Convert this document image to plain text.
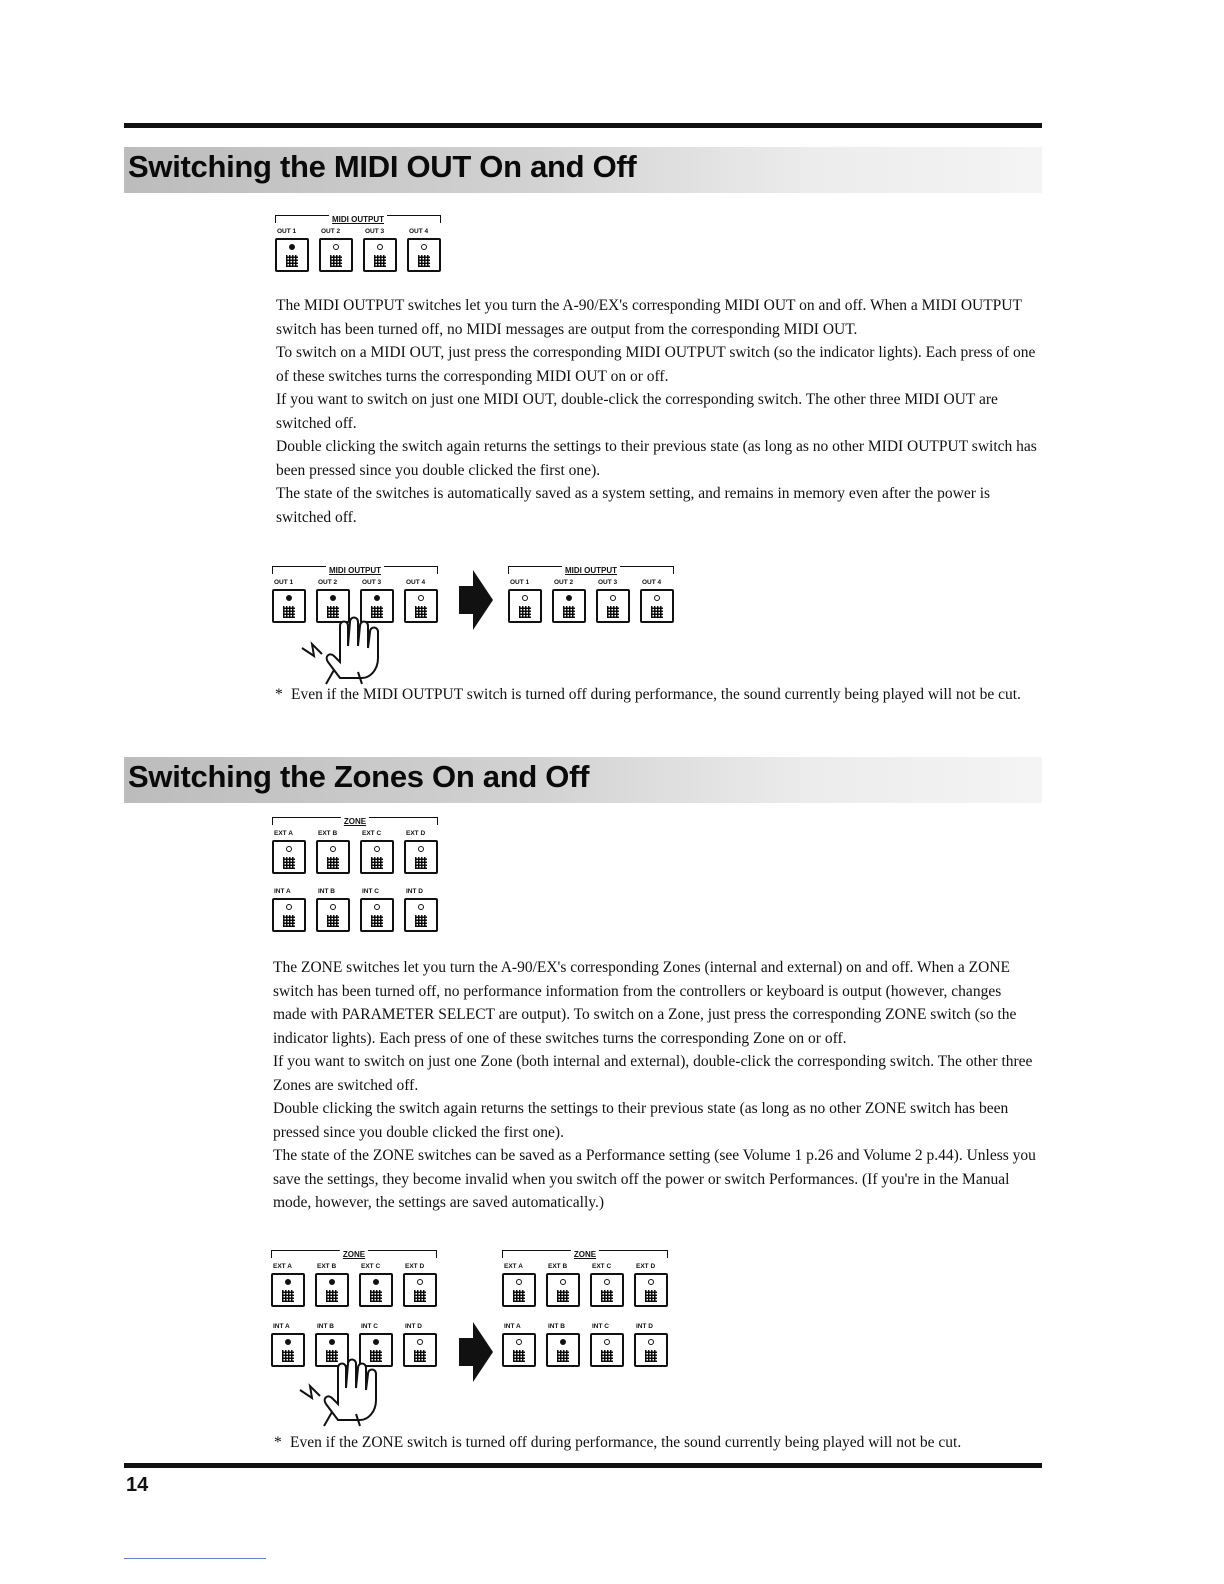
Switching the MIDI OUT On and Off
MIDI OUTPUT
OUT 1	OUT 2	OUT 3	OUT 4

The MIDI OUTPUT switches let you turn the A-90/EX's corresponding MIDI OUT on and off. When a MIDI OUTPUT switch has been turned off, no MIDI messages are output from the corresponding MIDI OUT.

To switch on a MIDI OUT, just press the corresponding MIDI OUTPUT switch (so the indicator lights). Each press of one of these switches turns the corresponding MIDI OUT on or off.

If you want to switch on just one MIDI OUT, double-click the corresponding switch. The other three MIDI OUT are switched off.

Double clicking the switch again returns the settings to their previous state (as long as no other MIDI OUTPUT switch has been pressed since you double clicked the first one).

The state of the switches is automatically saved as a system setting, and remains in memory even after the power is switched off.

MIDI OUTPUT
OUT 1	OUT 2	OUT 3	OUT 4
MIDI OUTPUT
OUT 1	OUT 2	OUT 3	OUT 4
* Even if the MIDI OUTPUT switch is turned off during performance, the sound currently being played will not be cut.
Switching the Zones On and Off
ZONE
EXT A	EXT B	EXT C	EXT D
INT A	INT B	INT C	INT D

The ZONE switches let you turn the A-90/EX's corresponding Zones (internal and external) on and off. When a ZONE switch has been turned off, no performance information from the controllers or keyboard is output (however, changes made with PARAMETER SELECT are output). To switch on a Zone, just press the corresponding ZONE switch (so the indicator lights). Each press of one of these switches turns the corresponding Zone on or off.

If you want to switch on just one Zone (both internal and external), double-click the corresponding switch. The other three Zones are switched off.

Double clicking the switch again returns the settings to their previous state (as long as no other ZONE switch has been pressed since you double clicked the first one).

The state of the ZONE switches can be saved as a Performance setting (see Volume 1 p.26 and Volume 2 p.44). Unless you save the settings, they become invalid when you switch off the power or switch Performances. (If you're in the Manual mode, however, the settings are saved automatically.)

ZONE
EXT A	EXT B	EXT C	EXT D
INT A	INT B	INT C	INT D
ZONE
EXT A	EXT B	EXT C	EXT D
INT A	INT B	INT C	INT D
* Even if the ZONE switch is turned off during performance, the sound currently being played will not be cut.
14
